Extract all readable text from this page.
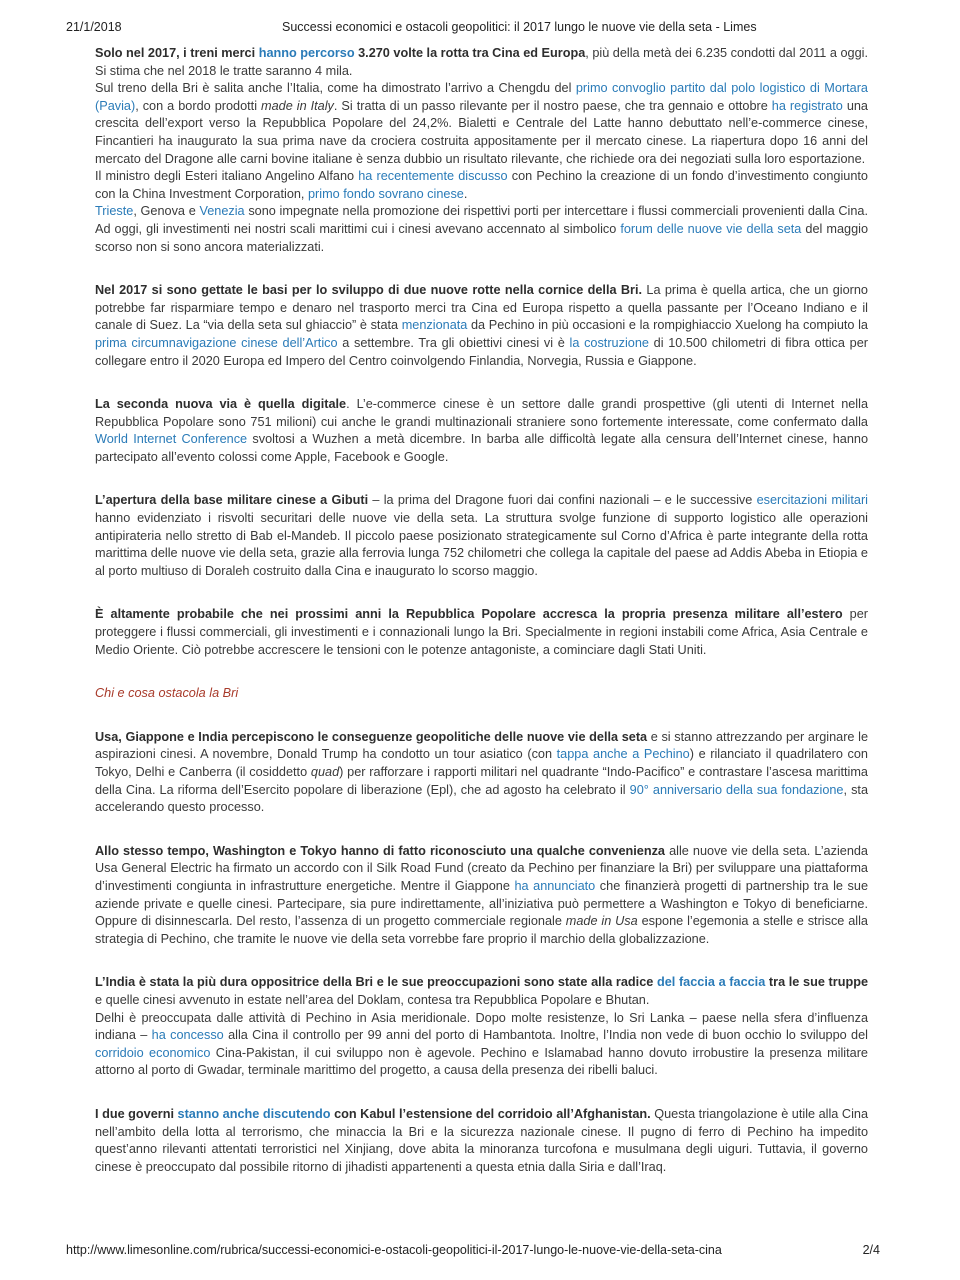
21/1/2018	Successi economici e ostacoli geopolitici: il 2017 lungo le nuove vie della seta - Limes

Solo nel 2017, i treni merci hanno percorso 3.270 volte la rotta tra Cina ed Europa, più della metà dei 6.235 condotti dal 2011 a oggi. Si stima che nel 2018 le tratte saranno 4 mila.

Sul treno della Bri è salita anche l’Italia, come ha dimostrato l’arrivo a Chengdu del primo convoglio partito dal polo logistico di Mortara (Pavia), con a bordo prodotti made in Italy. Si tratta di un passo rilevante per il nostro paese, che tra gennaio e ottobre ha registrato una crescita dell’export verso la Repubblica Popolare del 24,2%. Bialetti e Centrale del Latte hanno debuttato nell’e-commerce cinese, Fincantieri ha inaugurato la sua prima nave da crociera costruita appositamente per il mercato cinese. La riapertura dopo 16 anni del mercato del Dragone alle carni bovine italiane è senza dubbio un risultato rilevante, che richiede ora dei negoziati sulla loro esportazione.

Il ministro degli Esteri italiano Angelino Alfano ha recentemente discusso con Pechino la creazione di un fondo d’investimento congiunto con la China Investment Corporation, primo fondo sovrano cinese.

Trieste, Genova e Venezia sono impegnate nella promozione dei rispettivi porti per intercettare i flussi commerciali provenienti dalla Cina. Ad oggi, gli investimenti nei nostri scali marittimi cui i cinesi avevano accennato al simbolico forum delle nuove vie della seta del maggio scorso non si sono ancora materializzati.

Nel 2017 si sono gettate le basi per lo sviluppo di due nuove rotte nella cornice della Bri. La prima è quella artica, che un giorno potrebbe far risparmiare tempo e denaro nel trasporto merci tra Cina ed Europa rispetto a quella passante per l’Oceano Indiano e il canale di Suez. La “via della seta sul ghiaccio” è stata menzionata da Pechino in più occasioni e la rompighiaccio Xuelong ha compiuto la prima circumnavigazione cinese dell’Artico a settembre. Tra gli obiettivi cinesi vi è la costruzione di 10.500 chilometri di fibra ottica per collegare entro il 2020 Europa ed Impero del Centro coinvolgendo Finlandia, Norvegia, Russia e Giappone.

La seconda nuova via è quella digitale. L’e-commerce cinese è un settore dalle grandi prospettive (gli utenti di Internet nella Repubblica Popolare sono 751 milioni) cui anche le grandi multinazionali straniere sono fortemente interessate, come confermato dalla World Internet Conference svoltosi a Wuzhen a metà dicembre. In barba alle difficoltà legate alla censura dell’Internet cinese, hanno partecipato all’evento colossi come Apple, Facebook e Google.

L’apertura della base militare cinese a Gibuti – la prima del Dragone fuori dai confini nazionali – e le successive esercitazioni militari hanno evidenziato i risvolti securitari delle nuove vie della seta. La struttura svolge funzione di supporto logistico alle operazioni antipirateria nello stretto di Bab el-Mandeb. Il piccolo paese posizionato strategicamente sul Corno d’Africa è parte integrante della rotta marittima delle nuove vie della seta, grazie alla ferrovia lunga 752 chilometri che collega la capitale del paese ad Addis Abeba in Etiopia e al porto multiuso di Doraleh costruito dalla Cina e inaugurato lo scorso maggio.

È altamente probabile che nei prossimi anni la Repubblica Popolare accresca la propria presenza militare all’estero per proteggere i flussi commerciali, gli investimenti e i connazionali lungo la Bri. Specialmente in regioni instabili come Africa, Asia Centrale e Medio Oriente. Ciò potrebbe accrescere le tensioni con le potenze antagoniste, a cominciare dagli Stati Uniti.

Chi e cosa ostacola la Bri

Usa, Giappone e India percepiscono le conseguenze geopolitiche delle nuove vie della seta e si stanno attrezzando per arginare le aspirazioni cinesi. A novembre, Donald Trump ha condotto un tour asiatico (con tappa anche a Pechino) e rilanciato il quadrilatero con Tokyo, Delhi e Canberra (il cosiddetto quad) per rafforzare i rapporti militari nel quadrante “Indo-Pacifico” e contrastare l’ascesa marittima della Cina. La riforma dell’Esercito popolare di liberazione (Epl), che ad agosto ha celebrato il 90° anniversario della sua fondazione, sta accelerando questo processo.

Allo stesso tempo, Washington e Tokyo hanno di fatto riconosciuto una qualche convenienza alle nuove vie della seta. L’azienda Usa General Electric ha firmato un accordo con il Silk Road Fund (creato da Pechino per finanziare la Bri) per sviluppare una piattaforma d’investimenti congiunta in infrastrutture energetiche. Mentre il Giappone ha annunciato che finanzierà progetti di partnership tra le sue aziende private e quelle cinesi. Partecipare, sia pure indirettamente, all’iniziativa può permettere a Washington e Tokyo di beneficiarne. Oppure di disinnescarla. Del resto, l’assenza di un progetto commerciale regionale made in Usa espone l’egemonia a stelle e strisce alla strategia di Pechino, che tramite le nuove vie della seta vorrebbe fare proprio il marchio della globalizzazione.

L’India è stata la più dura oppositrice della Bri e le sue preoccupazioni sono state alla radice del faccia a faccia tra le sue truppe e quelle cinesi avvenuto in estate nell’area del Doklam, contesa tra Repubblica Popolare e Bhutan.

Delhi è preoccupata dalle attività di Pechino in Asia meridionale. Dopo molte resistenze, lo Sri Lanka – paese nella sfera d’influenza indiana – ha concesso alla Cina il controllo per 99 anni del porto di Hambantota. Inoltre, l’India non vede di buon occhio lo sviluppo del corridoio economico Cina-Pakistan, il cui sviluppo non è agevole. Pechino e Islamabad hanno dovuto irrobustire la presenza militare attorno al porto di Gwadar, terminale marittimo del progetto, a causa della presenza dei ribelli baluci.

I due governi stanno anche discutendo con Kabul l’estensione del corridoio all’Afghanistan. Questa triangolazione è utile alla Cina nell’ambito della lotta al terrorismo, che minaccia la Bri e la sicurezza nazionale cinese. Il pugno di ferro di Pechino ha impedito quest’anno rilevanti attentati terroristici nel Xinjiang, dove abita la minoranza turcofona e musulmana degli uiguri. Tuttavia, il governo cinese è preoccupato dal possibile ritorno di jihadisti appartenenti a questa etnia dalla Siria e dall’Iraq.

http://www.limesonline.com/rubrica/successi-economici-e-ostacoli-geopolitici-il-2017-lungo-le-nuove-vie-della-seta-cina	2/4
